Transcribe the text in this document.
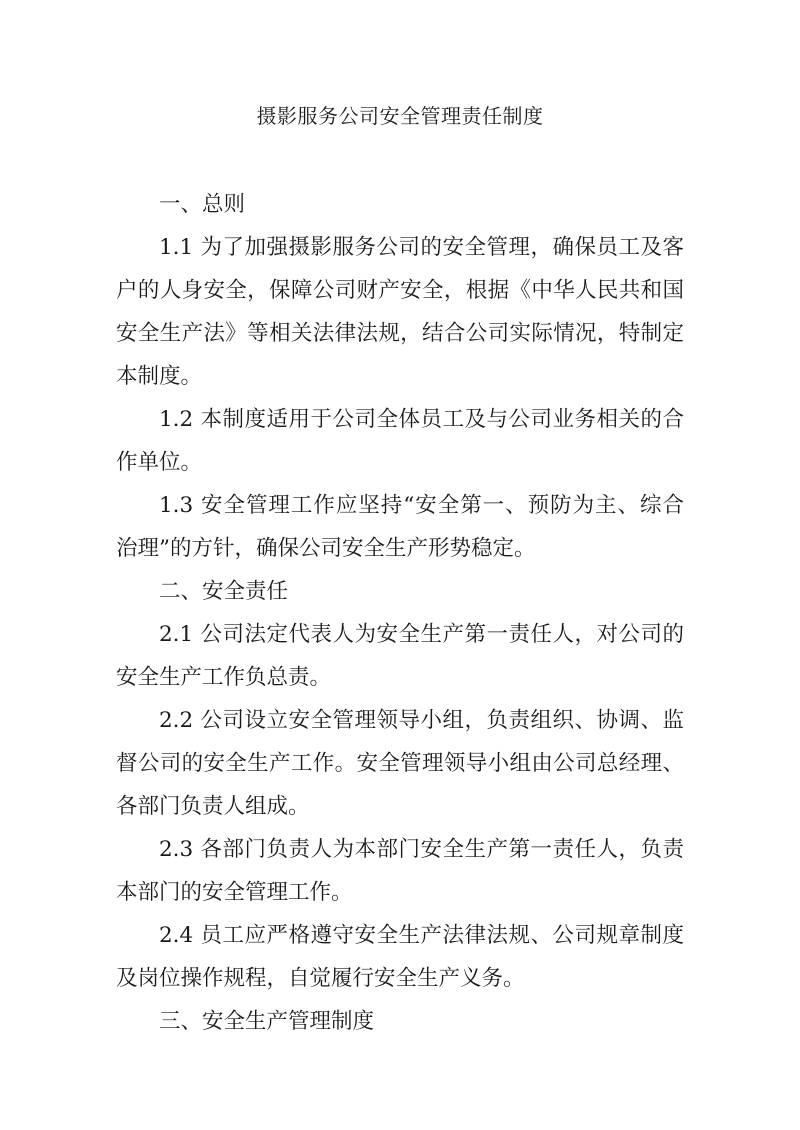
摄影服务公司安全管理责任制度

一、总则

1.1 为了加强摄影服务公司的安全管理，确保员工及客户的人身安全，保障公司财产安全，根据《中华人民共和国安全生产法》等相关法律法规，结合公司实际情况，特制定本制度。

1.2 本制度适用于公司全体员工及与公司业务相关的合作单位。

1.3 安全管理工作应坚持“安全第一、预防为主、综合治理”的方针，确保公司安全生产形势稳定。

二、安全责任

2.1 公司法定代表人为安全生产第一责任人，对公司的安全生产工作负总责。

2.2 公司设立安全管理领导小组，负责组织、协调、监督公司的安全生产工作。安全管理领导小组由公司总经理、各部门负责人组成。

2.3 各部门负责人为本部门安全生产第一责任人，负责本部门的安全管理工作。

2.4 员工应严格遵守安全生产法律法规、公司规章制度及岗位操作规程，自觉履行安全生产义务。

三、安全生产管理制度
